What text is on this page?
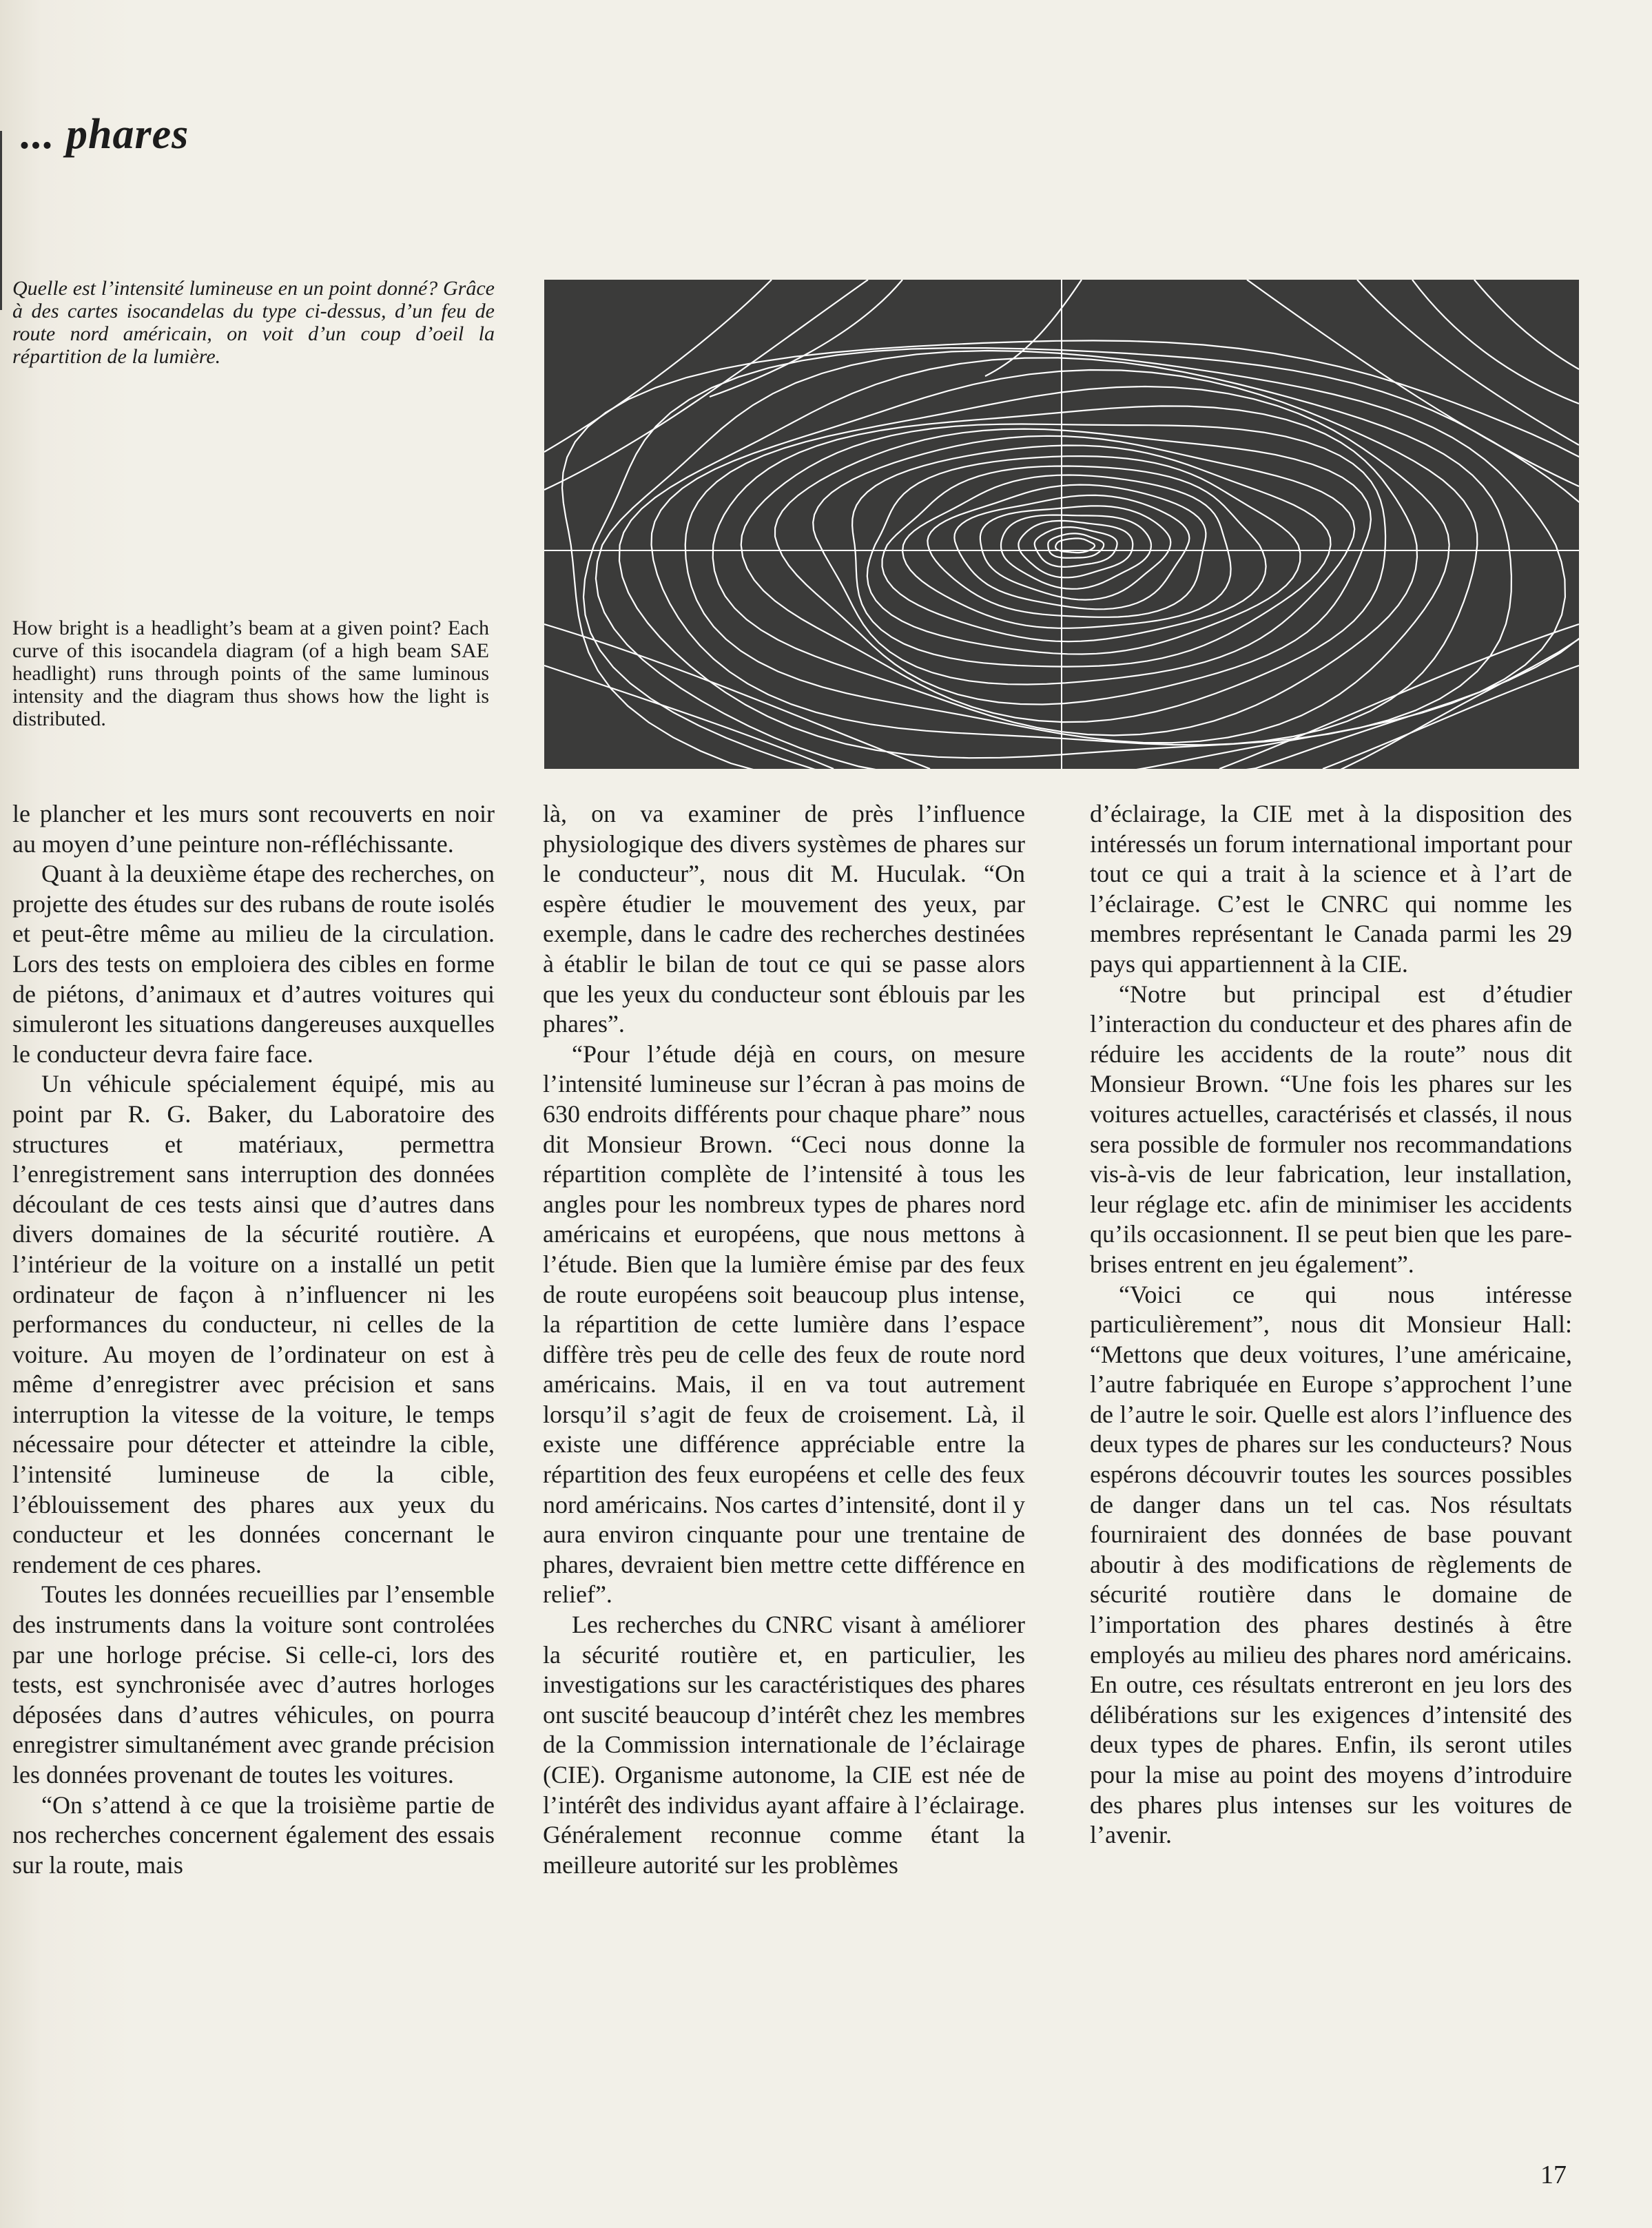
... phares

Quelle est l’intensité lumineuse en un point donné? Grâce à des cartes isocandelas du type ci-dessus, d’un feu de route nord américain, on voit d’un coup d’oeil la répartition de la lumière.

How bright is a headlight’s beam at a given point? Each curve of this isocandela diagram (of a high beam SAE headlight) runs through points of the same luminous intensity and the diagram thus shows how the light is distributed.

le plancher et les murs sont recouverts en noir au moyen d’une peinture non-réfléchissante.

Quant à la deuxième étape des recherches, on projette des études sur des rubans de route isolés et peut-être même au milieu de la circulation. Lors des tests on emploiera des cibles en forme de piétons, d’animaux et d’autres voitures qui simuleront les situations dangereuses auxquelles le conducteur devra faire face.

Un véhicule spécialement équipé, mis au point par R. G. Baker, du Laboratoire des structures et matériaux, permettra l’enregistrement sans interruption des données découlant de ces tests ainsi que d’autres dans divers domaines de la sécurité routière. A l’intérieur de la voiture on a installé un petit ordinateur de façon à n’influencer ni les performances du conducteur, ni celles de la voiture. Au moyen de l’ordinateur on est à même d’enregistrer avec précision et sans interruption la vitesse de la voiture, le temps nécessaire pour détecter et atteindre la cible, l’intensité lumineuse de la cible, l’éblouissement des phares aux yeux du conducteur et les données concernant le rendement de ces phares.

Toutes les données recueillies par l’ensemble des instruments dans la voiture sont controlées par une horloge précise. Si celle-ci, lors des tests, est synchronisée avec d’autres horloges déposées dans d’autres véhicules, on pourra enregistrer simultanément avec grande précision les données provenant de toutes les voitures.

“On s’attend à ce que la troisième partie de nos recherches concernent également des essais sur la route, mais

là, on va examiner de près l’influence physiologique des divers systèmes de phares sur le conducteur”, nous dit M. Huculak. “On espère étudier le mouvement des yeux, par exemple, dans le cadre des recherches destinées à établir le bilan de tout ce qui se passe alors que les yeux du conducteur sont éblouis par les phares”.

“Pour l’étude déjà en cours, on mesure l’intensité lumineuse sur l’écran à pas moins de 630 endroits différents pour chaque phare” nous dit Monsieur Brown. “Ceci nous donne la répartition complète de l’intensité à tous les angles pour les nombreux types de phares nord américains et européens, que nous mettons à l’étude. Bien que la lumière émise par des feux de route européens soit beaucoup plus intense, la répartition de cette lumière dans l’espace diffère très peu de celle des feux de route nord américains. Mais, il en va tout autrement lorsqu’il s’agit de feux de croisement. Là, il existe une différence appréciable entre la répartition des feux européens et celle des feux nord américains. Nos cartes d’intensité, dont il y aura environ cinquante pour une trentaine de phares, devraient bien mettre cette différence en relief”.

Les recherches du CNRC visant à améliorer la sécurité routière et, en particulier, les investigations sur les caractéristiques des phares ont suscité beaucoup d’intérêt chez les membres de la Commission internationale de l’éclairage (CIE). Organisme autonome, la CIE est née de l’intérêt des individus ayant affaire à l’éclairage. Généralement reconnue comme étant la meilleure autorité sur les problèmes

d’éclairage, la CIE met à la disposition des intéressés un forum international important pour tout ce qui a trait à la science et à l’art de l’éclairage. C’est le CNRC qui nomme les membres représentant le Canada parmi les 29 pays qui appartiennent à la CIE.

“Notre but principal est d’étudier l’interaction du conducteur et des phares afin de réduire les accidents de la route” nous dit Monsieur Brown. “Une fois les phares sur les voitures actuelles, caractérisés et classés, il nous sera possible de formuler nos recommandations vis-à-vis de leur fabrication, leur installation, leur réglage etc. afin de minimiser les accidents qu’ils occasionnent. Il se peut bien que les pare-brises entrent en jeu également”.

“Voici ce qui nous intéresse particulièrement”, nous dit Monsieur Hall: “Mettons que deux voitures, l’une américaine, l’autre fabriquée en Europe s’approchent l’une de l’autre le soir. Quelle est alors l’influence des deux types de phares sur les conducteurs? Nous espérons découvrir toutes les sources possibles de danger dans un tel cas. Nos résultats fourniraient des données de base pouvant aboutir à des modifications de règlements de sécurité routière dans le domaine de l’importation des phares destinés à être employés au milieu des phares nord américains. En outre, ces résultats entreront en jeu lors des délibérations sur les exigences d’intensité des deux types de phares. Enfin, ils seront utiles pour la mise au point des moyens d’introduire des phares plus intenses sur les voitures de l’avenir.

17
